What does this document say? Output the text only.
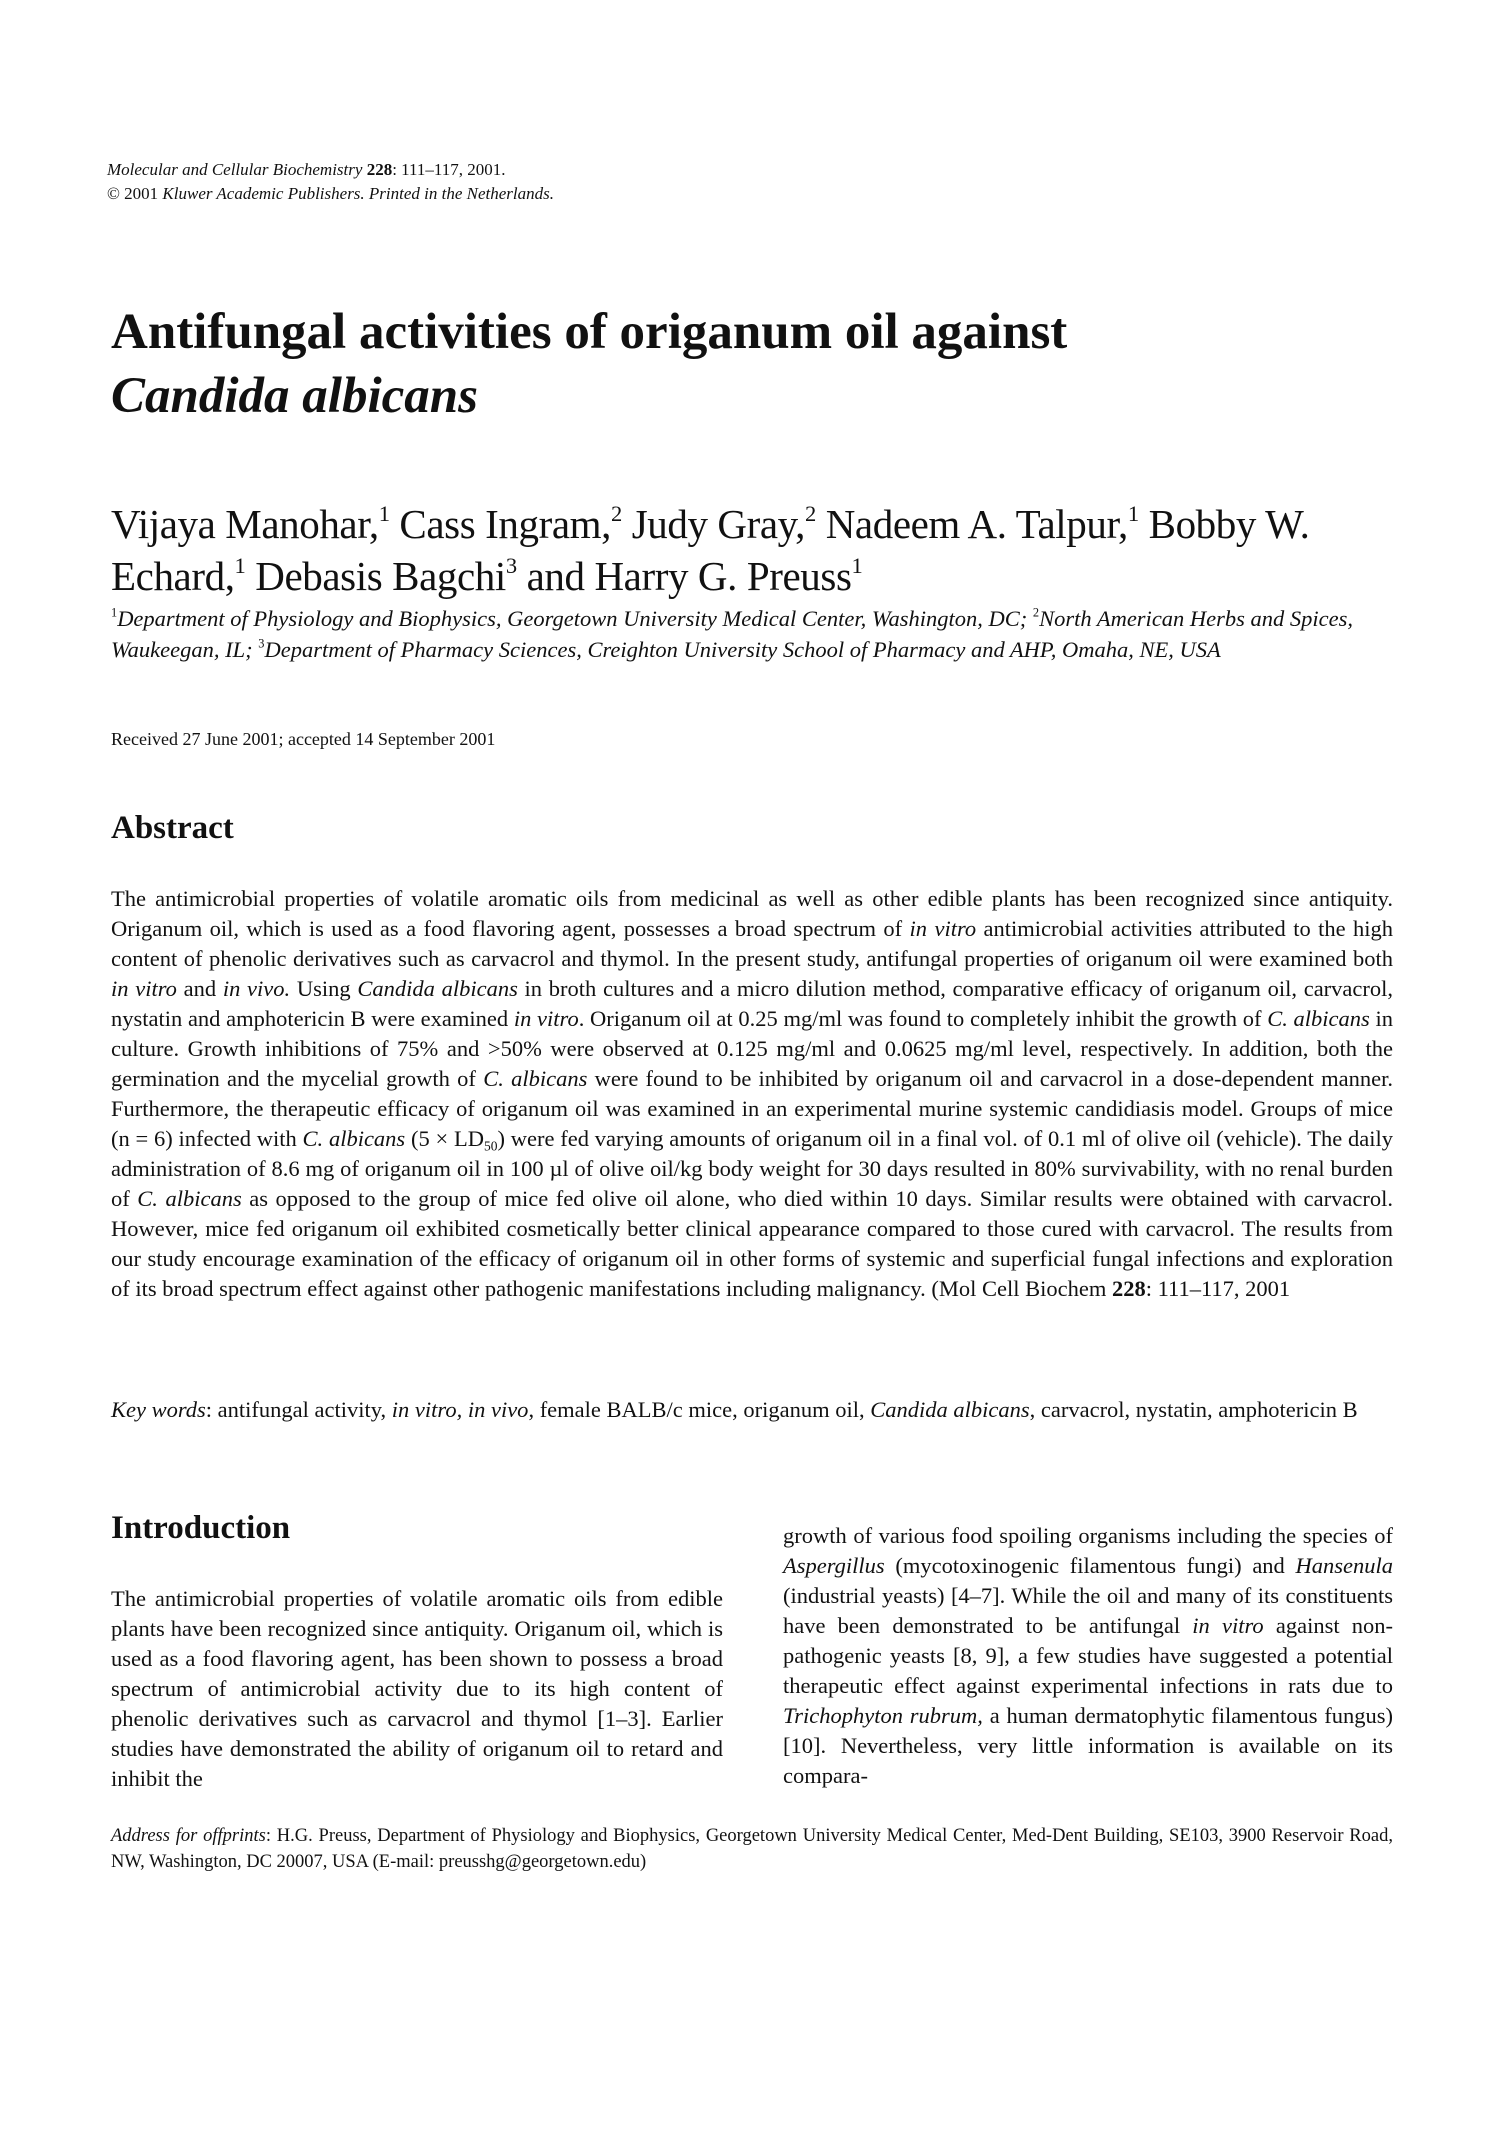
Molecular and Cellular Biochemistry 228: 111–117, 2001.
© 2001 Kluwer Academic Publishers. Printed in the Netherlands.
Antifungal activities of origanum oil against
Candida albicans
Vijaya Manohar,$^1$ Cass Ingram,$^2$ Judy Gray,$^2$ Nadeem A. Talpur,$^1$ Bobby W. Echard,$^1$ Debasis Bagchi$^3$ and Harry G. Preuss$^1$
$^1$Department of Physiology and Biophysics, Georgetown University Medical Center, Washington, DC; $^2$North American Herbs and Spices, Waukeegan, IL; $^3$Department of Pharmacy Sciences, Creighton University School of Pharmacy and AHP, Omaha, NE, USA
Received 27 June 2001; accepted 14 September 2001
Abstract
The antimicrobial properties of volatile aromatic oils from medicinal as well as other edible plants has been recognized since antiquity. Origanum oil, which is used as a food flavoring agent, possesses a broad spectrum of in vitro antimicrobial activities attributed to the high content of phenolic derivatives such as carvacrol and thymol. In the present study, antifungal properties of origanum oil were examined both in vitro and in vivo. Using Candida albicans in broth cultures and a micro dilution method, comparative efficacy of origanum oil, carvacrol, nystatin and amphotericin B were examined in vitro. Origanum oil at 0.25 mg/ml was found to completely inhibit the growth of C. albicans in culture. Growth inhibitions of 75% and >50% were observed at 0.125 mg/ml and 0.0625 mg/ml level, respectively. In addition, both the germination and the mycelial growth of C. albicans were found to be inhibited by origanum oil and carvacrol in a dose-dependent manner. Furthermore, the therapeutic efficacy of origanum oil was examined in an experimental murine systemic candidiasis model. Groups of mice (n = 6) infected with C. albicans $(5 \times LD_{50})$ were fed varying amounts of origanum oil in a final vol. of 0.1 ml of olive oil (vehicle). The daily administration of 8.6 mg of origanum oil in 100 µl of olive oil/kg body weight for 30 days resulted in 80% survivability, with no renal burden of C. albicans as opposed to the group of mice fed olive oil alone, who died within 10 days. Similar results were obtained with carvacrol. However, mice fed origanum oil exhibited cosmetically better clinical appearance compared to those cured with carvacrol. The results from our study encourage examination of the efficacy of origanum oil in other forms of systemic and superficial fungal infections and exploration of its broad spectrum effect against other pathogenic manifestations including malignancy. (Mol Cell Biochem 228: 111–117, 2001
Key words: antifungal activity, in vitro, in vivo, female BALB/c mice, origanum oil, Candida albicans, carvacrol, nystatin, amphotericin B
Introduction
The antimicrobial properties of volatile aromatic oils from edible plants have been recognized since antiquity. Origanum oil, which is used as a food flavoring agent, has been shown to possess a broad spectrum of antimicrobial activity due to its high content of phenolic derivatives such as carvacrol and thymol [1–3]. Earlier studies have demonstrated the ability of origanum oil to retard and inhibit the
growth of various food spoiling organisms including the species of Aspergillus (mycotoxinogenic filamentous fungi) and Hansenula (industrial yeasts) [4–7]. While the oil and many of its constituents have been demonstrated to be antifungal in vitro against non-pathogenic yeasts [8, 9], a few studies have suggested a potential therapeutic effect against experimental infections in rats due to Trichophyton rubrum, a human dermatophytic filamentous fungus) [10]. Nevertheless, very little information is available on its compara-
Address for offprints: H.G. Preuss, Department of Physiology and Biophysics, Georgetown University Medical Center, Med-Dent Building, SE103, 3900 Reservoir Road, NW, Washington, DC 20007, USA (E-mail: preusshg@georgetown.edu)
